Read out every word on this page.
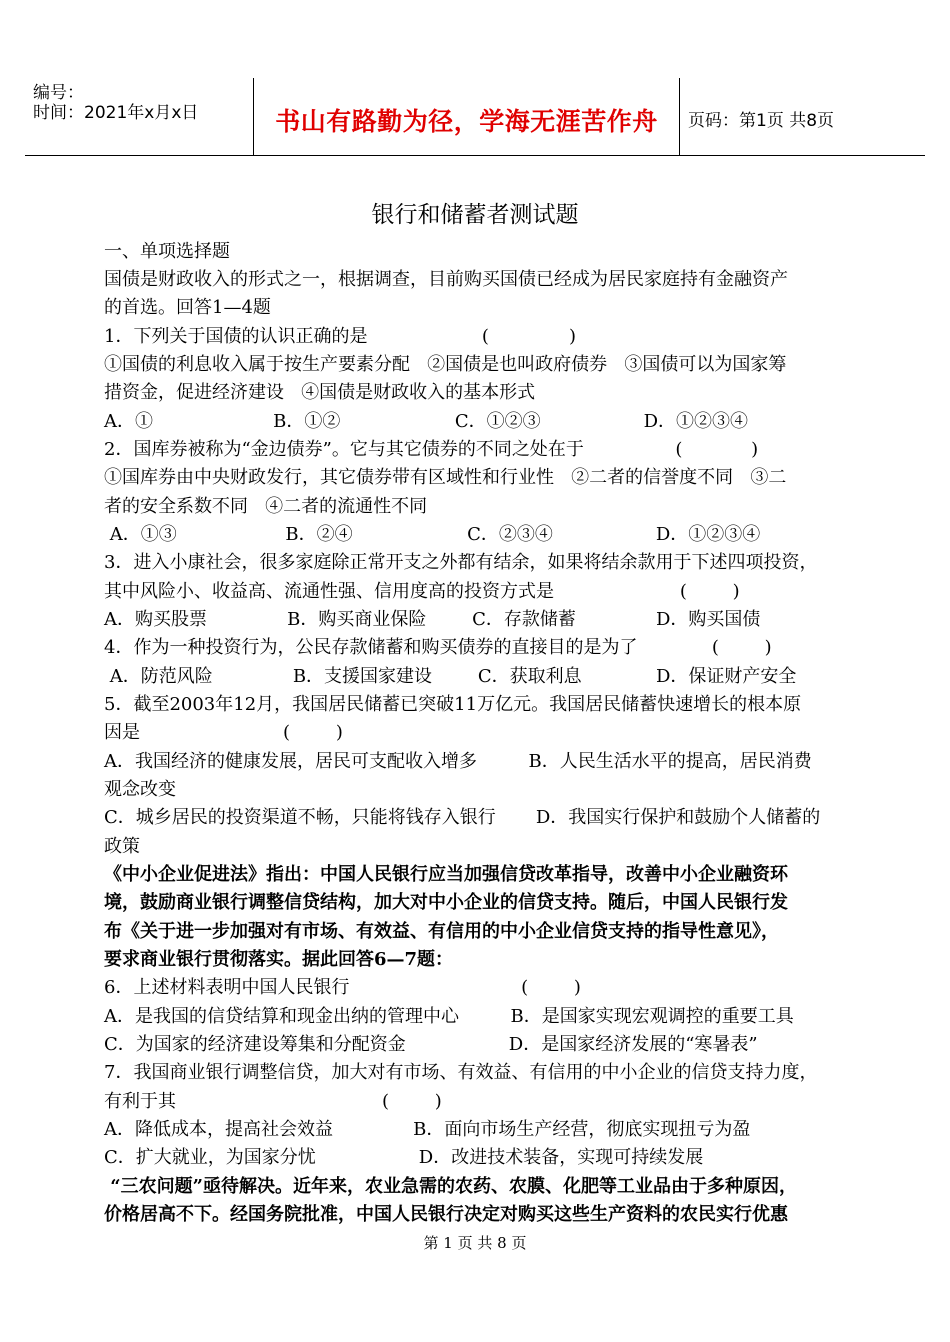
编号：
时间：2021年x月x日	书山有路勤为径，学海无涯苦作舟	页码：第1页 共8页
银行和储蓄者测试题
一、单项选择题
国债是财政收入的形式之一，根据调查，目前购买国债已经成为居民家庭持有金融资产
的首选。回答1—4题
1．下列关于国债的认识正确的是                    (              )
①国债的利息收入属于按生产要素分配   ②国债是也叫政府债券   ③国债可以为国家筹
措资金，促进经济建设   ④国债是财政收入的基本形式
A．①                     B．①②                    C．①②③                  D．①②③④
2．国库券被称为“金边债券”。它与其它债券的不同之处在于                (            )
①国库券由中央财政发行，其它债券带有区域性和行业性   ②二者的信誉度不同   ③二
者的安全系数不同   ④二者的流通性不同
A．①③                   B．②④                    C．②③④                  D．①②③④
3．进入小康社会，很多家庭除正常开支之外都有结余，如果将结余款用于下述四项投资，
其中风险小、收益高、流通性强、信用度高的投资方式是                      (        )
A．购买股票              B．购买商业保险        C．存款储蓄              D．购买国债
4．作为一种投资行为，公民存款储蓄和购买债券的直接目的是为了             (        )
A．防范风险              B．支援国家建设        C．获取利息             D．保证财产安全
5．截至2003年12月，我国居民储蓄已突破11万亿元。我国居民储蓄快速增长的根本原
因是                         (        )
A．我国经济的健康发展，居民可支配收入增多         B．人民生活水平的提高，居民消费
观念改变
C．城乡居民的投资渠道不畅，只能将钱存入银行       D．我国实行保护和鼓励个人储蓄的
政策
《中小企业促进法》指出：中国人民银行应当加强信贷改革指导，改善中小企业融资环
境，鼓励商业银行调整信贷结构，加大对中小企业的信贷支持。随后，中国人民银行发
布《关于进一步加强对有市场、有效益、有信用的中小企业信贷支持的指导性意见》，
要求商业银行贯彻落实。据此回答6—7题：
6．上述材料表明中国人民银行                              (        )
A．是我国的信贷结算和现金出纳的管理中心         B．是国家实现宏观调控的重要工具
C．为国家的经济建设筹集和分配资金                  D．是国家经济发展的“寒暑表”
7．我国商业银行调整信贷，加大对有市场、有效益、有信用的中小企业的信贷支持力度，
有利于其                                    (        )
A．降低成本，提高社会效益              B．面向市场生产经营，彻底实现扭亏为盈
C．扩大就业，为国家分忧                  D．改进技术装备，实现可持续发展
“三农问题”亟待解决。近年来，农业急需的农药、农膜、化肥等工业品由于多种原因，
价格居高不下。经国务院批准，中国人民银行决定对购买这些生产资料的农民实行优惠
第 1 页 共 8 页
